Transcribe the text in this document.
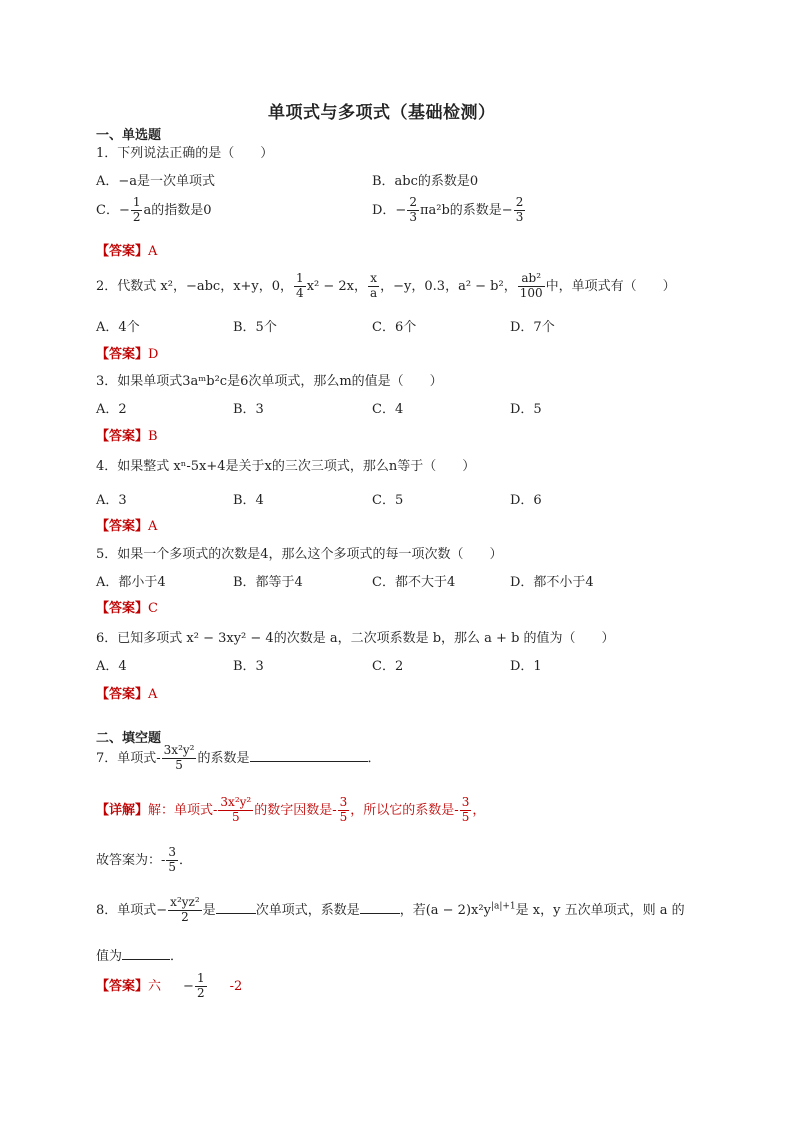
单项式与多项式（基础检测）
一、单选题
1．下列说法正确的是（　　）
A．−a是一次单项式	B．abc的系数是0
C．− $\frac{1}{2}$ a的指数是0	D．− $\frac{2}{3} \pi a^2b$的系数是− $\frac{2}{3}$
【答案】A
2．代数式 x²，−abc，x+y，0， $\frac{1}{4} x^2 - 2x$， $\frac{x}{a}$ ，−y，0.3，a² − b²， $\frac{\text{ab²}}{100}$ 中，单项式有（　　）
A．4个	B．5个	C．6个	D．7个
【答案】D
3．如果单项式3aᵐb²c是6次单项式，那么m的值是（　　）
A．2	B．3	C．4	D．5
【答案】B
4．如果整式 xⁿ-5x+4是关于x的三次三项式，那么n等于（　　）
A．3	B．4	C．5	D．6
【答案】A
5．如果一个多项式的次数是4，那么这个多项式的每一项次数（　　）
A．都小于4	B．都等于4	C．都不大于4	D．都不小于4
【答案】C
6．已知多项式 x² − 3xy² − 4的次数是 a，二次项系数是 b，那么 a + b 的值为（　　）
A．4	B．3	C．2	D．1
【答案】A
二、填空题
7．单项式- $\frac{\text{3x²y²}}{5}$ 的系数是	．
【详解】解：单项式- $\frac{\text{3x²y²}}{5}$ 的数字因数是- $\frac{3}{5}$ ，所以它的系数是- $\frac{3}{5}$ ，
故答案为：- $\frac{3}{5}$ ．
8．单项式− $\frac{\text{x²yz²}}{2}$ 是	次单项式，系数是	，若$(a - 2)x^2y^{|a|+1}$是 x，y 五次单项式，则 a 的
值为	．
【答案】六 − $\frac{1}{2} -2$
